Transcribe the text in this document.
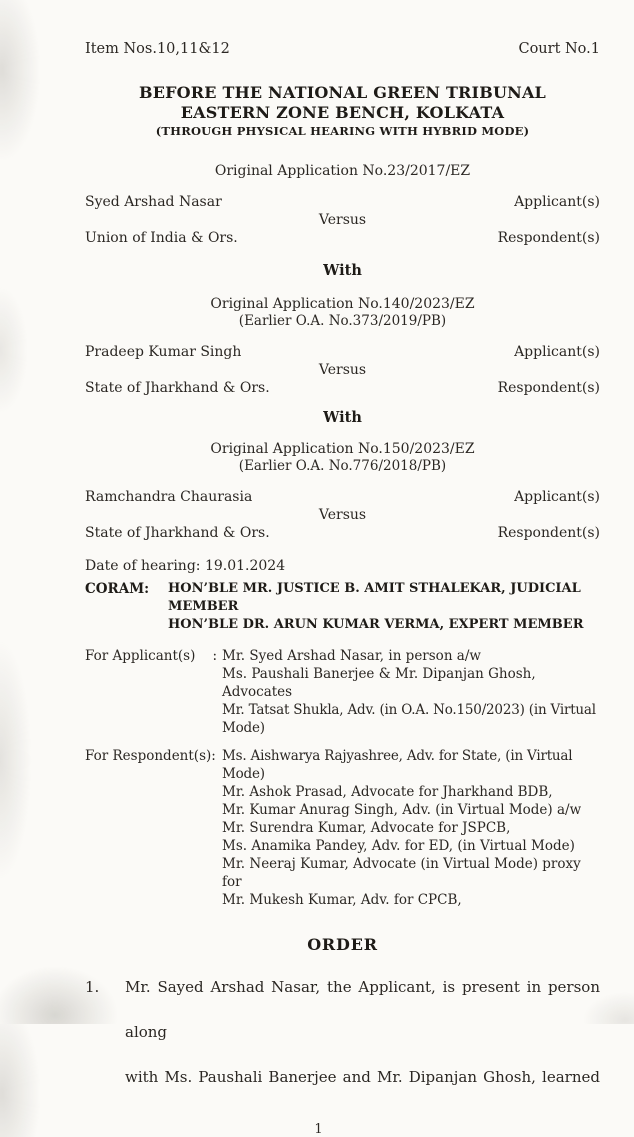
Item Nos.10,11&12	Court No.1
BEFORE THE NATIONAL GREEN TRIBUNAL
EASTERN ZONE BENCH, KOLKATA
(THROUGH PHYSICAL HEARING WITH HYBRID MODE)
Original Application No.23/2017/EZ
Syed Arshad Nasar	Applicant(s)
Versus
Union of India & Ors.	Respondent(s)
With
Original Application No.140/2023/EZ
(Earlier O.A. No.373/2019/PB)
Pradeep Kumar Singh	Applicant(s)
Versus
State of Jharkhand & Ors.	Respondent(s)
With
Original Application No.150/2023/EZ
(Earlier O.A. No.776/2018/PB)
Ramchandra Chaurasia	Applicant(s)
Versus
State of Jharkhand & Ors.	Respondent(s)
Date of hearing: 19.01.2024
CORAM:	HON’BLE MR. JUSTICE B. AMIT STHALEKAR, JUDICIAL MEMBER
HON’BLE DR. ARUN KUMAR VERMA, EXPERT MEMBER
For Applicant(s) : Mr. Syed Arshad Nasar, in person a/w
Ms. Paushali Banerjee & Mr. Dipanjan Ghosh, Advocates
Mr. Tatsat Shukla, Adv. (in O.A. No.150/2023) (in Virtual Mode)
For Respondent(s): Ms. Aishwarya Rajyashree, Adv. for State, (in Virtual Mode)
Mr. Ashok Prasad, Advocate for Jharkhand BDB,
Mr. Kumar Anurag Singh, Adv. (in Virtual Mode) a/w
Mr. Surendra Kumar, Advocate for JSPCB,
Ms. Anamika Pandey, Adv. for ED, (in Virtual Mode)
Mr. Neeraj Kumar, Advocate (in Virtual Mode) proxy for
Mr. Mukesh Kumar, Adv. for CPCB,
ORDER
1.	Mr. Sayed Arshad Nasar, the Applicant, is present in person along
with Ms. Paushali Banerjee and Mr. Dipanjan Ghosh, learned
1
